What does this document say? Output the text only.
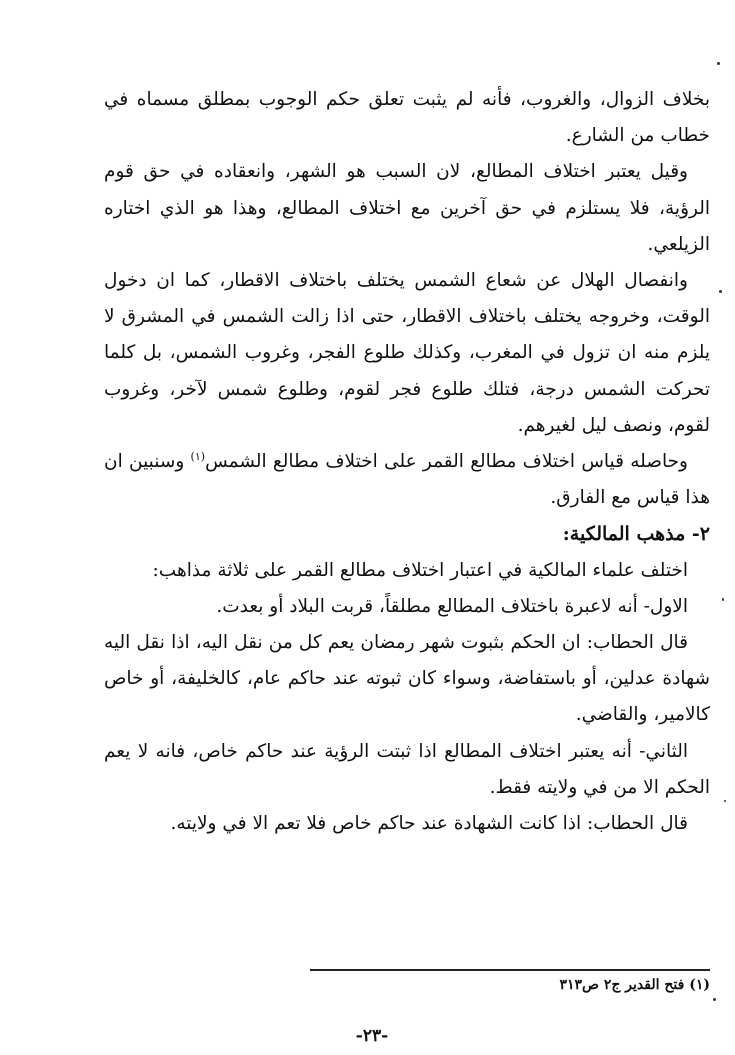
بخلاف الزوال، والغروب، فأنه لم يثبت تعلق حكم الوجوب بمطلق مسماه في خطاب من الشارع.

وقيل يعتبر اختلاف المطالع، لان السبب هو الشهر، وانعقاده في حق قوم الرؤية، فلا يستلزم في حق آخرين مع اختلاف المطالع، وهذا هو الذي اختاره الزيلعي.

وانفصال الهلال عن شعاع الشمس يختلف باختلاف الاقطار، كما ان دخول الوقت، وخروجه يختلف باختلاف الاقطار، حتى اذا زالت الشمس في المشرق لا يلزم منه ان تزول في المغرب، وكذلك طلوع الفجر، وغروب الشمس، بل كلما تحركت الشمس درجة، فتلك طلوع فجر لقوم، وطلوع شمس لآخر، وغروب لقوم، ونصف ليل لغيرهم.

وحاصله قياس اختلاف مطالع القمر على اختلاف مطالع الشمس$^{(١)}$ وسنبين ان هذا قياس مع الفارق.

٢- مذهب المالكية:

اختلف علماء المالكية في اعتبار اختلاف مطالع القمر على ثلاثة مذاهب:

الاول- أنه لاعبرة باختلاف المطالع مطلقاً، قربت البلاد أو بعدت.

قال الحطاب: ان الحكم بثبوت شهر رمضان يعم كل من نقل اليه، اذا نقل اليه شهادة عدلين، أو باستفاضة، وسواء كان ثبوته عند حاكم عام، كالخليفة، أو خاص كالامير، والقاضي.

الثاني- أنه يعتبر اختلاف المطالع اذا ثبتت الرؤية عند حاكم خاص، فانه لا يعم الحكم الا من في ولايته فقط.

قال الحطاب: اذا كانت الشهادة عند حاكم خاص فلا تعم الا في ولايته.

(١) فتح القدير ج٢ ص٣١٣
-٢٣-
